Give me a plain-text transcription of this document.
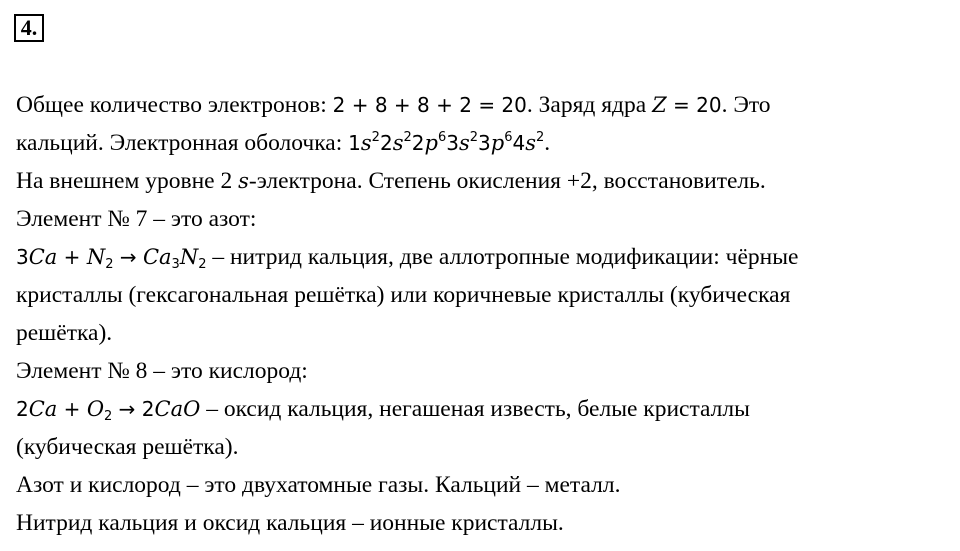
4.
Общее количество электронов: 2 + 8 + 8 + 2 = 20. Заряд ядра Z = 20. Это
кальций. Электронная оболочка: $1s^22s^22p^63s^23p^64s^2$.
На внешнем уровне 2 s-электрона. Степень окисления +2, восстановитель.
Элемент № 7 – это азот:
$3Ca + N_2 \to Ca_3N_2$ – нитрид кальция, две аллотропные модификации: чёрные
кристаллы (гексагональная решётка) или коричневые кристаллы (кубическая
решётка).
Элемент № 8 – это кислород:
$2Ca + O_2 \to 2CaO$ – оксид кальция, негашеная известь, белые кристаллы
(кубическая решётка).
Азот и кислород – это двухатомные газы. Кальций – металл.
Нитрид кальция и оксид кальция – ионные кристаллы.
